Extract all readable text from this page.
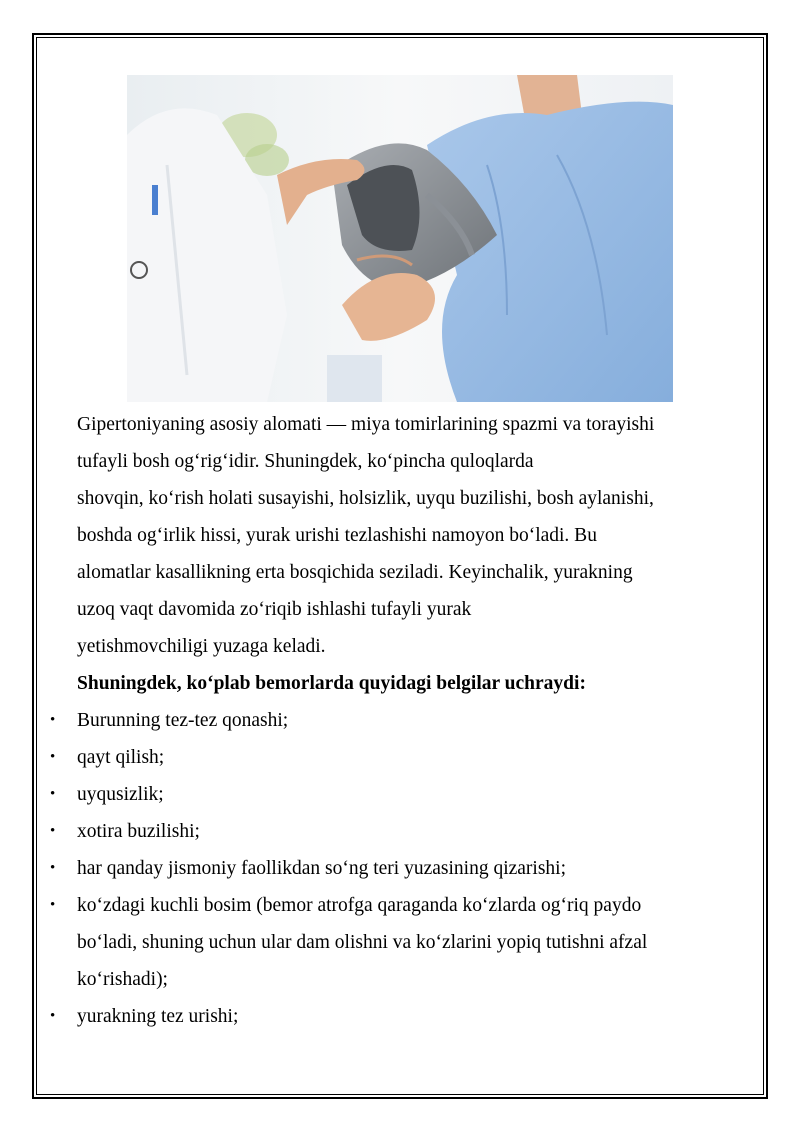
Gipertoniyaning asosiy alomati — miya tomirlarining spazmi va torayishi
tufayli bosh og‘rig‘idir. Shuningdek, ko‘pincha quloqlarda
shovqin, ko‘rish holati susayishi, holsizlik, uyqu buzilishi, bosh aylanishi,
boshda og‘irlik hissi, yurak urishi tezlashishi namoyon bo‘ladi. Bu
alomatlar kasallikning erta bosqichida seziladi. Keyinchalik, yurakning
uzoq vaqt davomida zo‘riqib ishlashi tufayli yurak
yetishmovchiligi yuzaga keladi.

Shuningdek, ko‘plab bemorlarda quyidagi belgilar uchraydi:
• Burunning tez-tez qonashi;
• qayt qilish;
• uyqusizlik;
• xotira buzilishi;
• har qanday jismoniy faollikdan so‘ng teri yuzasining qizarishi;
• ko‘zdagi kuchli bosim (bemor atrofga qaraganda ko‘zlarda og‘riq paydo
bo‘ladi, shuning uchun ular dam olishni va ko‘zlarini yopiq tutishni afzal
ko‘rishadi);
• yurakning tez urishi;
